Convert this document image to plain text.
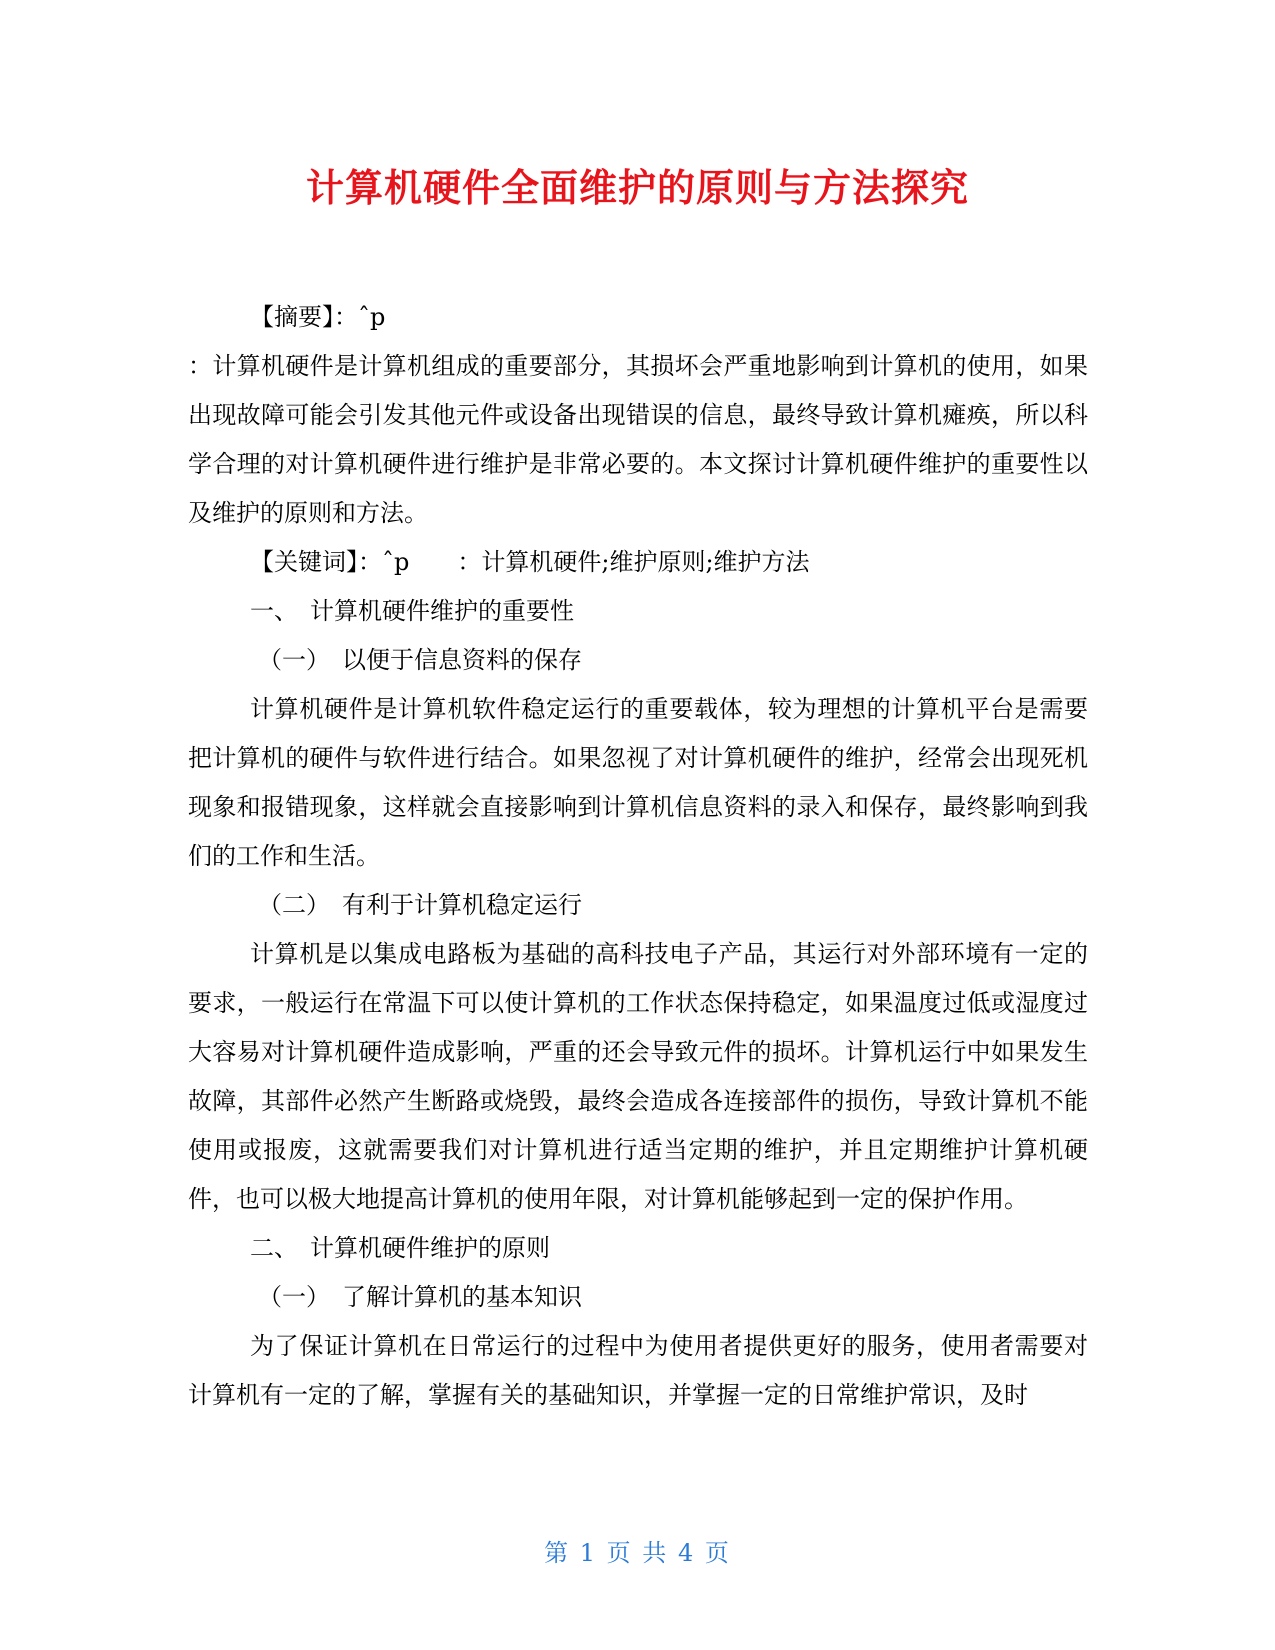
计算机硬件全面维护的原则与方法探究

【摘要】：ˆp

：计算机硬件是计算机组成的重要部分，其损坏会严重地影响到计算机的使用，如果出现故障可能会引发其他元件或设备出现错误的信息，最终导致计算机瘫痪，所以科学合理的对计算机硬件进行维护是非常必要的。本文探讨计算机硬件维护的重要性以及维护的原则和方法。

【关键词】：ˆp　　：计算机硬件;维护原则;维护方法

一、　计算机硬件维护的重要性

（一）　以便于信息资料的保存

计算机硬件是计算机软件稳定运行的重要载体，较为理想的计算机平台是需要把计算机的硬件与软件进行结合。如果忽视了对计算机硬件的维护，经常会出现死机现象和报错现象，这样就会直接影响到计算机信息资料的录入和保存，最终影响到我们的工作和生活。

（二）　有利于计算机稳定运行

计算机是以集成电路板为基础的高科技电子产品，其运行对外部环境有一定的要求，一般运行在常温下可以使计算机的工作状态保持稳定，如果温度过低或湿度过大容易对计算机硬件造成影响，严重的还会导致元件的损坏。计算机运行中如果发生故障，其部件必然产生断路或烧毁，最终会造成各连接部件的损伤，导致计算机不能使用或报废，这就需要我们对计算机进行适当定期的维护，并且定期维护计算机硬件，也可以极大地提高计算机的使用年限，对计算机能够起到一定的保护作用。

二、　计算机硬件维护的原则

（一）　了解计算机的基本知识

为了保证计算机在日常运行的过程中为使用者提供更好的服务，使用者需要对计算机有一定的了解，掌握有关的基础知识，并掌握一定的日常维护常识，及时

第 1 页 共 4 页
